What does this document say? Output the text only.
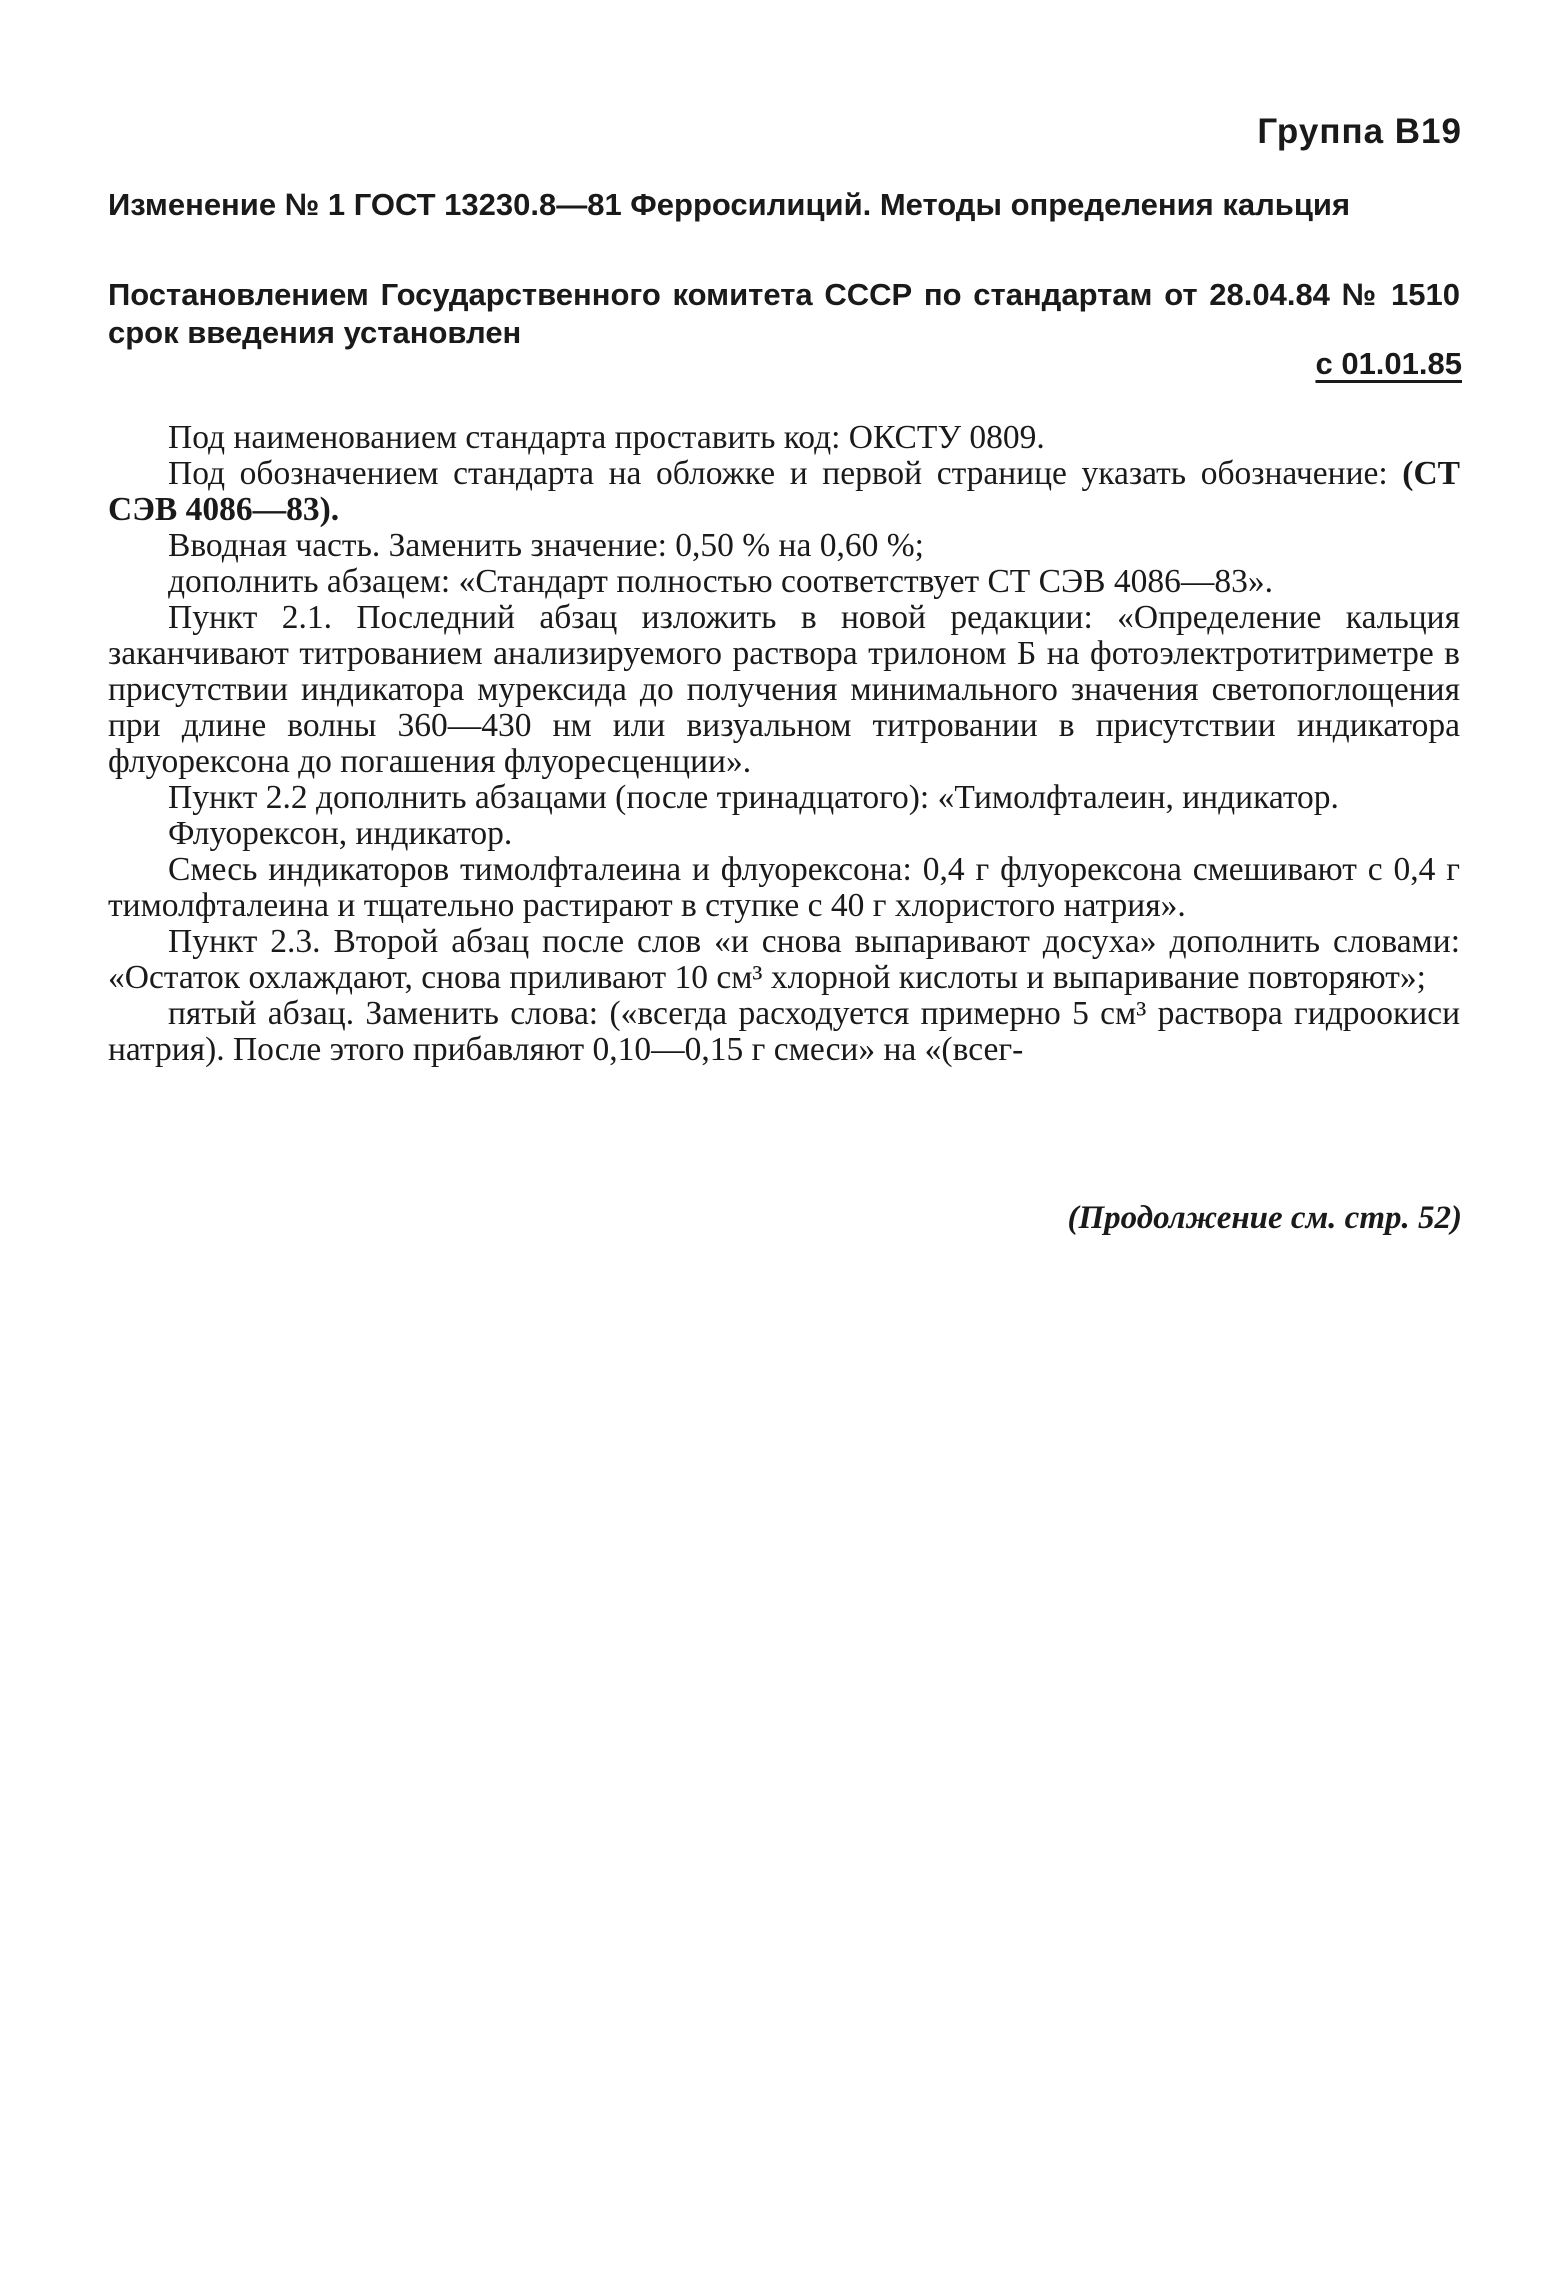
Группа В19
Изменение № 1 ГОСТ 13230.8—81 Ферросилиций. Методы определения кальция
Постановлением Государственного комитета СССР по стандартам от 28.04.84 № 1510 срок введения установлен
с 01.01.85

Под наименованием стандарта проставить код: ОКСТУ 0809.

Под обозначением стандарта на обложке и первой странице указать обозначение: (СТ СЭВ 4086—83).

Вводная часть. Заменить значение: 0,50 % на 0,60 %;

дополнить абзацем: «Стандарт полностью соответствует СТ СЭВ 4086—83».

Пункт 2.1. Последний абзац изложить в новой редакции: «Определение кальция заканчивают титрованием анализируемого раствора трилоном Б на фотоэлектротитриметре в присутствии индикатора мурексида до получения минимального значения светопоглощения при длине волны 360—430 нм или визуальном титровании в присутствии индикатора флуорексона до погашения флуоресценции».

Пункт 2.2 дополнить абзацами (после тринадцатого): «Тимолфталеин, индикатор.

Флуорексон, индикатор.

Смесь индикаторов тимолфталеина и флуорексона: 0,4 г флуорексона смешивают с 0,4 г тимолфталеина и тщательно растирают в ступке с 40 г хлористого натрия».

Пункт 2.3. Второй абзац после слов «и снова выпаривают досуха» дополнить словами: «Остаток охлаждают, снова приливают 10 см³ хлорной кислоты и выпаривание повторяют»;

пятый абзац. Заменить слова: («всегда расходуется примерно 5 см³ раствора гидроокиси натрия). После этого прибавляют 0,10—0,15 г смеси» на «(всег-

(Продолжение см. стр. 52)
